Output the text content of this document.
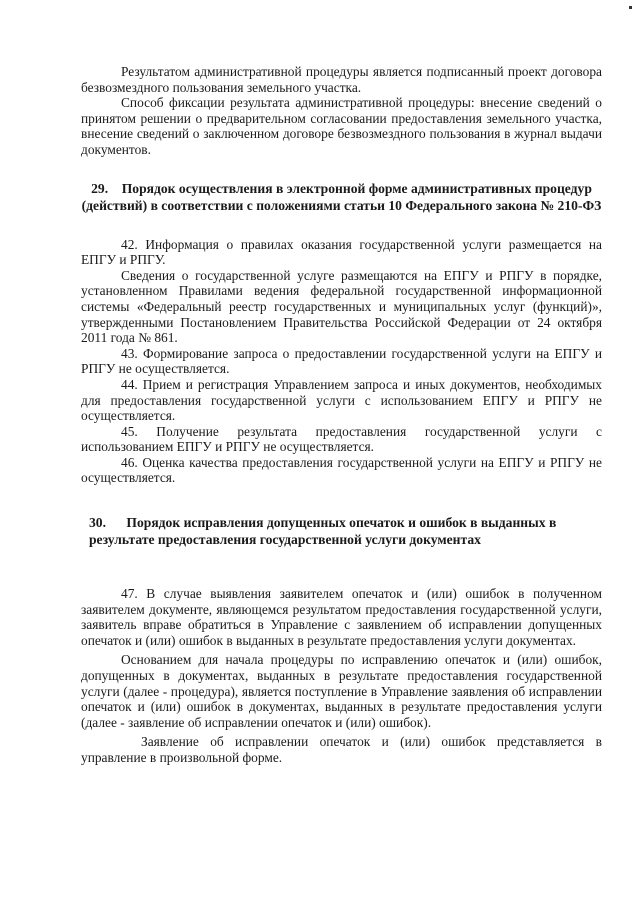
Результатом административной процедуры является подписанный проект договора безвозмездного пользования земельного участка.

Способ фиксации результата административной процедуры: внесение сведений о принятом решении о предварительном согласовании предоставления земельного участка, внесение сведений о заключенном договоре безвозмездного пользования в журнал выдачи документов.

29. Порядок осуществления в электронной форме административных процедур (действий) в соответствии с положениями статьи 10 Федерального закона № 210-ФЗ

42. Информация о правилах оказания государственной услуги размещается на ЕПГУ и РПГУ.

Сведения о государственной услуге размещаются на ЕПГУ и РПГУ в порядке, установленном Правилами ведения федеральной государственной информационной системы «Федеральный реестр государственных и муниципальных услуг (функций)», утвержденными Постановлением Правительства Российской Федерации от 24 октября 2011 года № 861.

43. Формирование запроса о предоставлении государственной услуги на ЕПГУ и РПГУ не осуществляется.

44. Прием и регистрация Управлением запроса и иных документов, необходимых для предоставления государственной услуги с использованием ЕПГУ и РПГУ не осуществляется.

45. Получение результата предоставления государственной услуги с использованием ЕПГУ и РПГУ не осуществляется.

46. Оценка качества предоставления государственной услуги на ЕПГУ и РПГУ не осуществляется.

30. Порядок исправления допущенных опечаток и ошибок в выданных в результате предоставления государственной услуги документах

47. В случае выявления заявителем опечаток и (или) ошибок в полученном заявителем документе, являющемся результатом предоставления государственной услуги, заявитель вправе обратиться в Управление с заявлением об исправлении допущенных опечаток и (или) ошибок в выданных в результате предоставления услуги документах.

Основанием для начала процедуры по исправлению опечаток и (или) ошибок, допущенных в документах, выданных в результате предоставления государственной услуги (далее - процедура), является поступление в Управление заявления об исправлении опечаток и (или) ошибок в документах, выданных в результате предоставления услуги (далее - заявление об исправлении опечаток и (или) ошибок).

Заявление об исправлении опечаток и (или) ошибок представляется в управление в произвольной форме.
